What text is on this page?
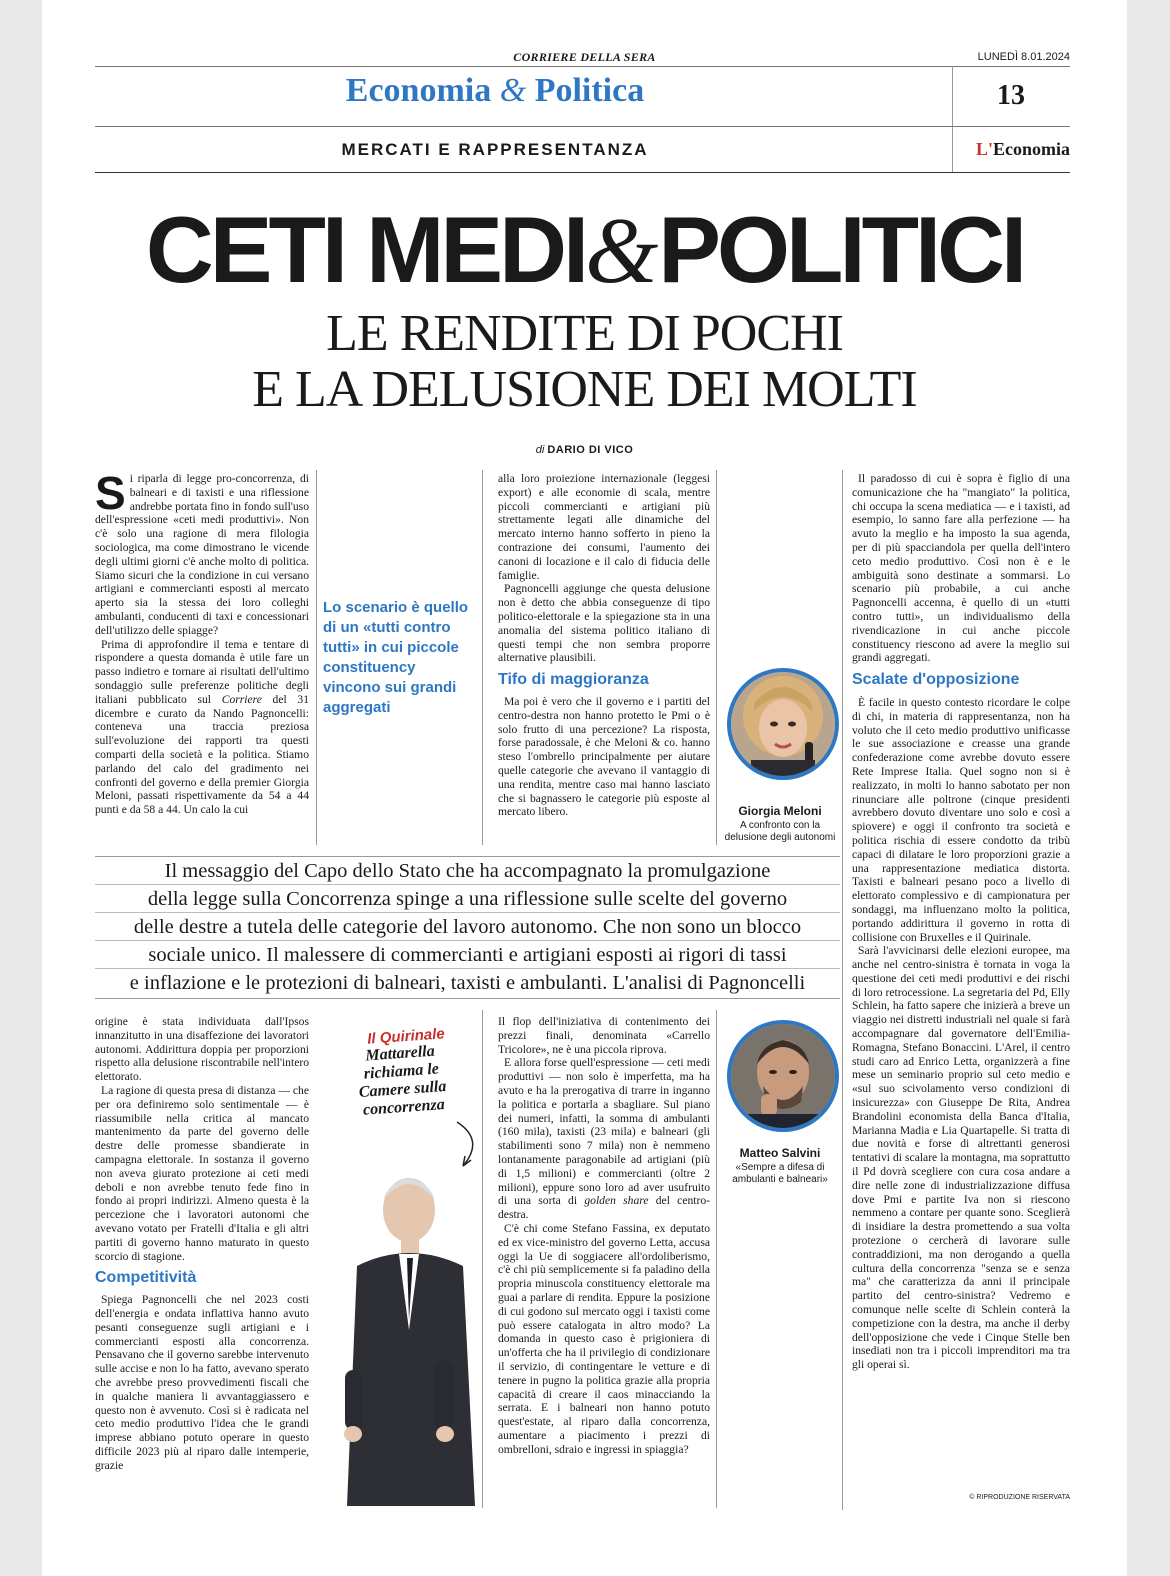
CORRIERE DELLA SERA	LUNEDÌ 8.01.2024
Economia & Politica	13
MERCATI E RAPPRESENTANZA	L'Economia
CETI MEDI&POLITICI
LE RENDITE DI POCHI
E LA DELUSIONE DEI MOLTI
di DARIO DI VICO

Si riparla di legge pro-concorrenza, di balneari e di taxisti e una riflessione andrebbe portata fino in fondo sull'uso dell'espressione «ceti medi produttivi». Non c'è solo una ragione di mera filologia sociologica, ma come dimostrano le vicende degli ultimi giorni c'è anche molto di politica. Siamo sicuri che la condizione in cui versano artigiani e commercianti esposti al mercato aperto sia la stessa dei loro colleghi ambulanti, conducenti di taxi e concessionari dell'utilizzo delle spiagge?

Prima di approfondire il tema e tentare di rispondere a questa domanda è utile fare un passo indietro e tornare ai risultati dell'ultimo sondaggio sulle preferenze politiche degli italiani pubblicato sul Corriere del 31 dicembre e curato da Nando Pagnoncelli: conteneva una traccia preziosa sull'evoluzione dei rapporti tra questi comparti della società e la politica. Stiamo parlando del calo del gradimento nei confronti del governo e della premier Giorgia Meloni, passati rispettivamente da 54 a 44 punti e da 58 a 44. Un calo la cui

Lo scenario è quello di un «tutti contro tutti» in cui piccole constituency vincono sui grandi aggregati

alla loro proiezione internazionale (leggesi export) e alle economie di scala, mentre piccoli commercianti e artigiani più strettamente legati alle dinamiche del mercato interno hanno sofferto in pieno la contrazione dei consumi, l'aumento dei canoni di locazione e il calo di fiducia delle famiglie.

Pagnoncelli aggiunge che questa delusione non è detto che abbia conseguenze di tipo politico-elettorale e la spiegazione sta in una anomalia del sistema politico italiano di questi tempi che non sembra proporre alternative plausibili.

Tifo di maggioranza

Ma poi è vero che il governo e i partiti del centro-destra non hanno protetto le Pmi o è solo frutto di una percezione? La risposta, forse paradossale, è che Meloni & co. hanno steso l'ombrello principalmente per aiutare quelle categorie che avevano il vantaggio di una rendita, mentre caso mai hanno lasciato che si bagnassero le categorie più esposte al mercato libero.	Giorgia Meloni
A confronto con la delusione degli autonomi

Il paradosso di cui è sopra è figlio di una comunicazione che ha "mangiato" la politica, chi occupa la scena mediatica — e i taxisti, ad esempio, lo sanno fare alla perfezione — ha avuto la meglio e ha imposto la sua agenda, per di più spacciandola per quella dell'intero ceto medio produttivo. Così non è e le ambiguità sono destinate a sommarsi. Lo scenario più probabile, a cui anche Pagnoncelli accenna, è quello di un «tutti contro tutti», un individualismo della rivendicazione in cui anche piccole constituency riescono ad avere la meglio sui grandi aggregati.

Scalate d'opposizione

È facile in questo contesto ricordare le colpe di chi, in materia di rappresentanza, non ha voluto che il ceto medio produttivo unificasse le sue associazione e creasse una grande confederazione come avrebbe dovuto essere Rete Imprese Italia. Quel sogno non si è realizzato, in molti lo hanno sabotato per non rinunciare alle poltrone (cinque presidenti avrebbero dovuto diventare uno solo e così a spiovere) e oggi il confronto tra società e politica rischia di essere condotto da tribù capaci di dilatare le loro proporzioni grazie a una rappresentazione mediatica distorta. Taxisti e balneari pesano poco a livello di elettorato complessivo e di campionatura per sondaggi, ma influenzano molto la politica, portando addirittura il governo in rotta di collisione con Bruxelles e il Quirinale.

Sarà l'avvicinarsi delle elezioni europee, ma anche nel centro-sinistra è tornata in voga la questione dei ceti medi produttivi e dei rischi di loro retrocessione. La segretaria del Pd, Elly Schlein, ha fatto sapere che inizierà a breve un viaggio nei distretti industriali nel quale si farà accompagnare dal governatore dell'Emilia-Romagna, Stefano Bonaccini. L'Arel, il centro studi caro ad Enrico Letta, organizzerà a fine mese un seminario proprio sul ceto medio e «sul suo scivolamento verso condizioni di insicurezza» con Giuseppe De Rita, Andrea Brandolini economista della Banca d'Italia, Marianna Madia e Lia Quartapelle. Si tratta di due novità e forse di altrettanti generosi tentativi di scalare la montagna, ma soprattutto il Pd dovrà scegliere con cura cosa andare a dire nelle zone di industrializzazione diffusa dove Pmi e partite Iva non si riescono nemmeno a contare per quante sono. Sceglierà di insidiare la destra promettendo a sua volta protezione o cercherà di lavorare sulle contraddizioni, ma non derogando a quella cultura della concorrenza "senza se e senza ma" che caratterizza da anni il principale partito del centro-sinistra? Vedremo e comunque nelle scelte di Schlein conterà la competizione con la destra, ma anche il derby dell'opposizione che vede i Cinque Stelle ben insediati non tra i piccoli imprenditori ma tra gli operai sì.

© RIPRODUZIONE RISERVATA
Il messaggio del Capo dello Stato che ha accompagnato la promulgazione
della legge sulla Concorrenza spinge a una riflessione sulle scelte del governo
delle destre a tutela delle categorie del lavoro autonomo. Che non sono un blocco
sociale unico. Il malessere di commercianti e artigiani esposti ai rigori di tassi
e inflazione e le protezioni di balneari, taxisti e ambulanti. L'analisi di Pagnoncelli

origine è stata individuata dall'Ipsos innanzitutto in una disaffezione dei lavoratori autonomi. Addirittura doppia per proporzioni rispetto alla delusione riscontrabile nell'intero elettorato.

La ragione di questa presa di distanza — che per ora definiremo solo sentimentale — è riassumibile nella critica al mancato mantenimento da parte del governo delle destre delle promesse sbandierate in campagna elettorale. In sostanza il governo non aveva giurato protezione ai ceti medi deboli e non avrebbe tenuto fede fino in fondo ai propri indirizzi. Almeno questa è la percezione che i lavoratori autonomi che avevano votato per Fratelli d'Italia e gli altri partiti di governo hanno maturato in questo scorcio di stagione.

Competitività

Spiega Pagnoncelli che nel 2023 costi dell'energia e ondata inflattiva hanno avuto pesanti conseguenze sugli artigiani e i commercianti esposti alla concorrenza. Pensavano che il governo sarebbe intervenuto sulle accise e non lo ha fatto, avevano sperato che avrebbe preso provvedimenti fiscali che in qualche maniera li avvantaggiassero e questo non è avvenuto. Così si è radicata nel ceto medio produttivo l'idea che le grandi imprese abbiano potuto operare in questo difficile 2023 più al riparo dalle intemperie, grazie

Il Quirinale
Mattarella
richiama le
Camere sulla
concorrenza

Il flop dell'iniziativa di contenimento dei prezzi finali, denominata «Carrello Tricolore», ne è una piccola riprova.

E allora forse quell'espressione — ceti medi produttivi — non solo è imperfetta, ma ha avuto e ha la prerogativa di trarre in inganno la politica e portarla a sbagliare. Sul piano dei numeri, infatti, la somma di ambulanti (160 mila), taxisti (23 mila) e balneari (gli stabilimenti sono 7 mila) non è nemmeno lontanamente paragonabile ad artigiani (più di 1,5 milioni) e commercianti (oltre 2 milioni), eppure sono loro ad aver usufruito di una sorta di golden share del centro-destra.

C'è chi come Stefano Fassina, ex deputato ed ex vice-ministro del governo Letta, accusa oggi la Ue di soggiacere all'ordoliberismo, c'è chi più semplicemente si fa paladino della propria minuscola constituency elettorale ma guai a parlare di rendita. Eppure la posizione di cui godono sul mercato oggi i taxisti come può essere catalogata in altro modo? La domanda in questo caso è prigioniera di un'offerta che ha il privilegio di condizionare il servizio, di contingentare le vetture e di tenere in pugno la politica grazie alla propria capacità di creare il caos minacciando la serrata. E i balneari non hanno potuto quest'estate, al riparo dalla concorrenza, aumentare a piacimento i prezzi di ombrelloni, sdraio e ingressi in spiaggia?

Matteo Salvini
«Sempre a difesa di ambulanti e balneari»
